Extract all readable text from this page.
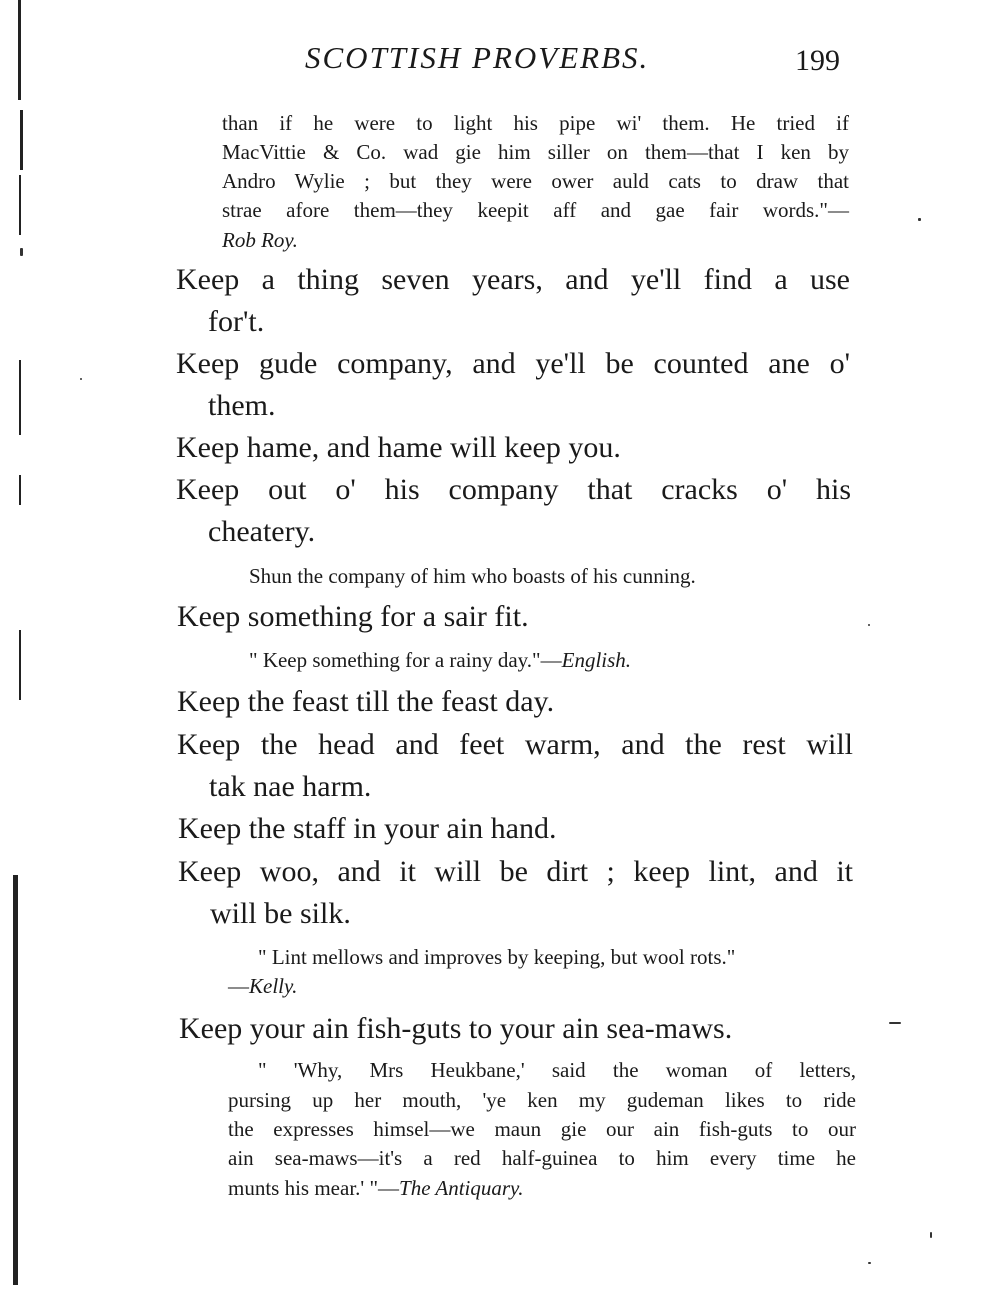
SCOTTISH PROVERBS.	199
than if he were to light his pipe wi' them. He tried if
MacVittie & Co. wad gie him siller on them—that I ken by
Andro Wylie ; but they were ower auld cats to draw that
strae afore them—they keepit aff and gae fair words."—
Rob Roy.
Keep a thing seven years, and ye'll find a use
for't.
Keep gude company, and ye'll be counted ane o'
them.
Keep hame, and hame will keep you.
Keep out o' his company that cracks o' his
cheatery.
Shun the company of him who boasts of his cunning.
Keep something for a sair fit.
" Keep something for a rainy day."—English.
Keep the feast till the feast day.
Keep the head and feet warm, and the rest will
tak nae harm.
Keep the staff in your ain hand.
Keep woo, and it will be dirt ; keep lint, and it
will be silk.
" Lint mellows and improves by keeping, but wool rots."
—Kelly.
Keep your ain fish-guts to your ain sea-maws.
" 'Why, Mrs Heukbane,' said the woman of letters,
pursing up her mouth, 'ye ken my gudeman likes to ride
the expresses himsel—we maun gie our ain fish-guts to our
ain sea-maws—it's a red half-guinea to him every time he
munts his mear.' "—The Antiquary.
